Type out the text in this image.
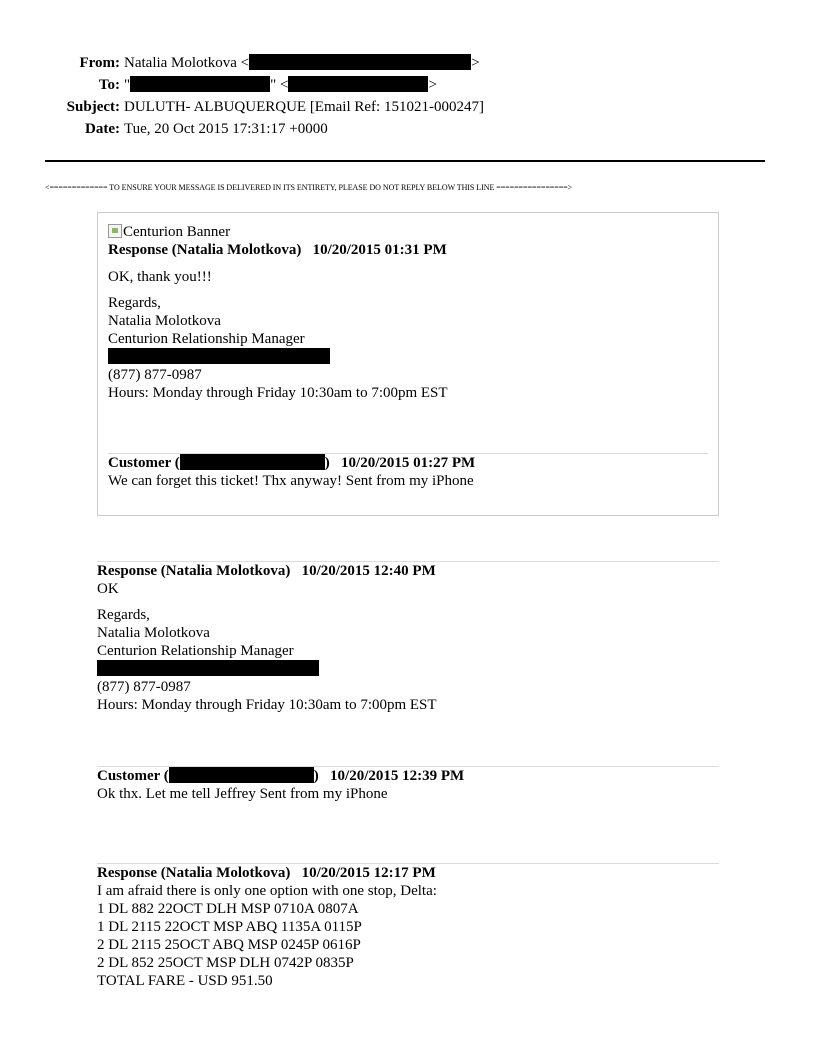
From: Natalia Molotkova <	>
To: "	" <	>
Subject: DULUTH- ALBUQUERQUE [Email Ref: 151021-000247]
Date: Tue, 20 Oct 2015 17:31:17 +0000
<============= TO ENSURE YOUR MESSAGE IS DELIVERED IN ITS ENTIRETY, PLEASE DO NOT REPLY BELOW THIS LINE ================>
Centurion Banner
Response (Natalia Molotkova) 10/20/2015 01:31 PM
OK, thank you!!!
Regards,
Natalia Molotkova
Centurion Relationship Manager
(877) 877-0987
Hours: Monday through Friday 10:30am to 7:00pm EST
Customer (	) 10/20/2015 01:27 PM
We can forget this ticket! Thx anyway! Sent from my iPhone
Response (Natalia Molotkova) 10/20/2015 12:40 PM
OK
Regards,
Natalia Molotkova
Centurion Relationship Manager
(877) 877-0987
Hours: Monday through Friday 10:30am to 7:00pm EST
Customer (	) 10/20/2015 12:39 PM
Ok thx. Let me tell Jeffrey Sent from my iPhone
Response (Natalia Molotkova) 10/20/2015 12:17 PM
I am afraid there is only one option with one stop, Delta:
1 DL 882 22OCT DLH MSP 0710A 0807A
1 DL 2115 22OCT MSP ABQ 1135A 0115P
2 DL 2115 25OCT ABQ MSP 0245P 0616P
2 DL 852 25OCT MSP DLH 0742P 0835P
TOTAL FARE - USD 951.50
